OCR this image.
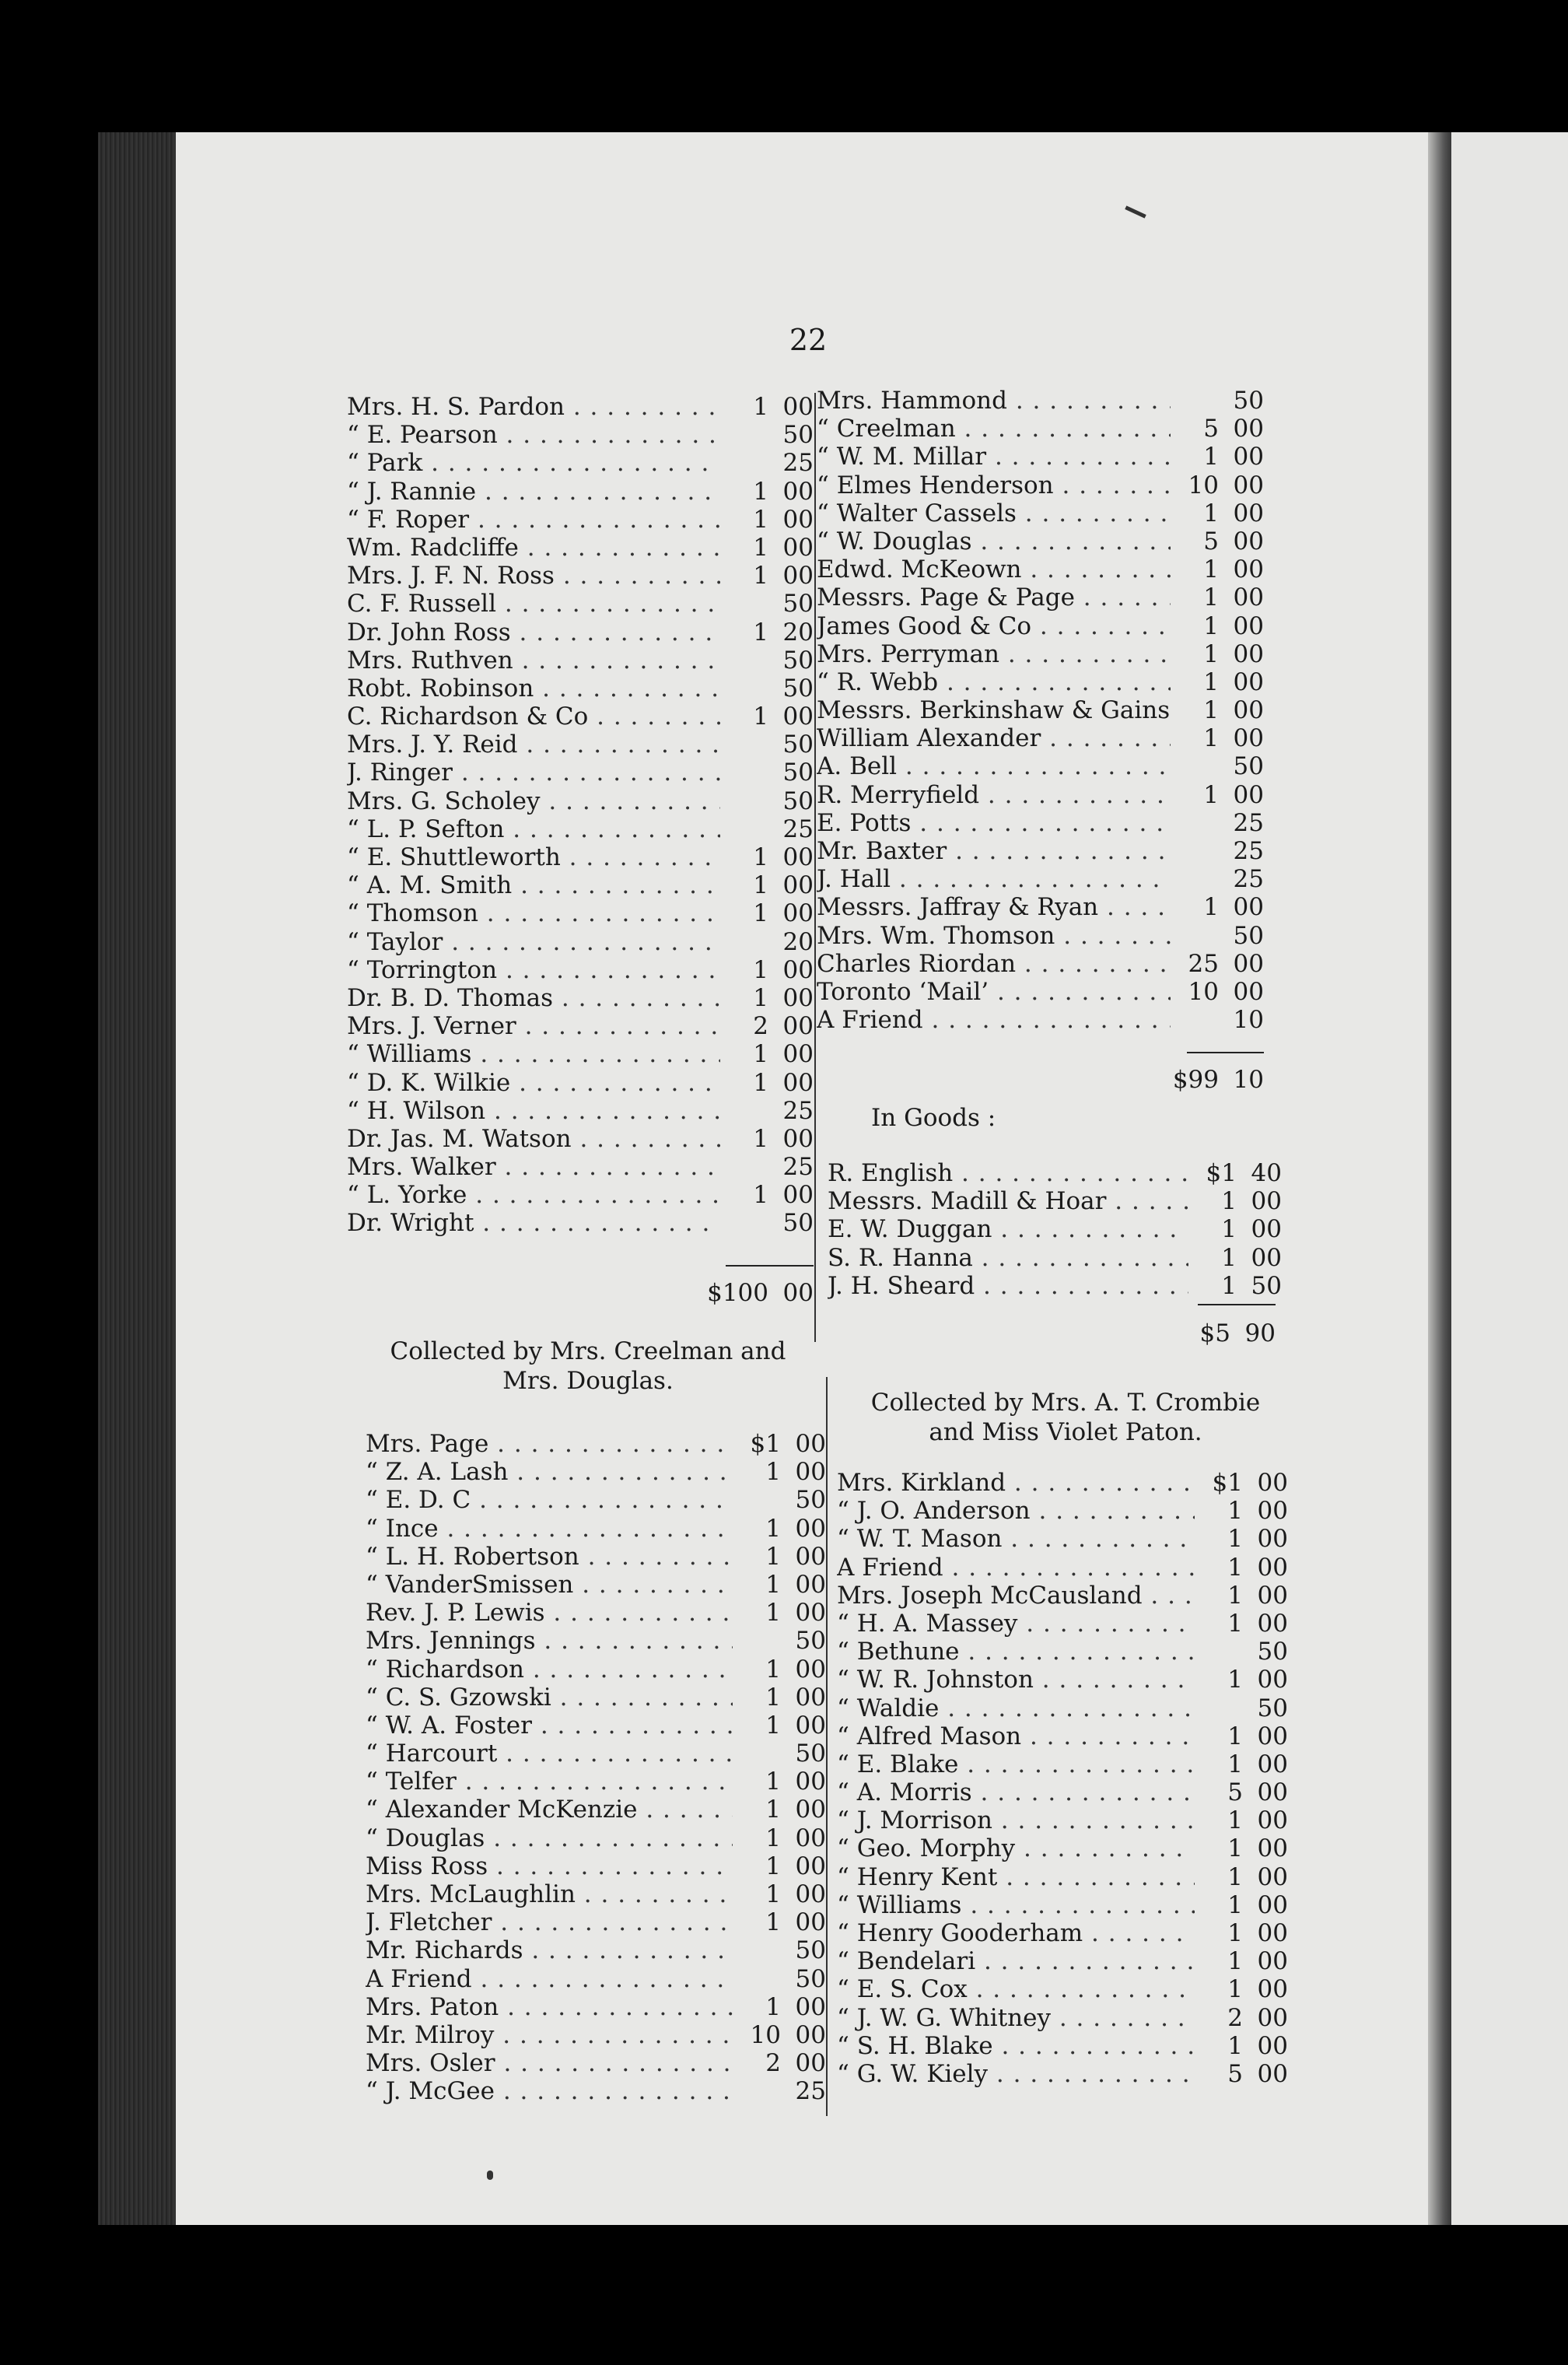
22
Mrs. H. S. Pardon . . .	1 00
“ E. Pearson . . .	50
“ Park . . .	25
“ J. Rannie . . .	1 00
“ F. Roper . . .	1 00
Wm. Radcliffe . . .	1 00
Mrs. J. F. N. Ross . . .	1 00
C. F. Russell . . .	50
Dr. John Ross . . .	1 20
Mrs. Ruthven . . .	50
Robt. Robinson . . .	50
C. Richardson & Co . . .	1 00
Mrs. J. Y. Reid . . .	50
J. Ringer . . .	50
Mrs. G. Scholey . . .	50
“ L. P. Sefton . . .	25
“ E. Shuttleworth . . .	1 00
“ A. M. Smith . . .	1 00
“ Thomson . . .	1 00
“ Taylor . . .	20
“ Torrington . . .	1 00
Dr. B. D. Thomas . . .	1 00
Mrs. J. Verner . . .	2 00
“ Williams . . .	1 00
“ D. K. Wilkie . . .	1 00
“ H. Wilson . . .	25
Dr. Jas. M. Watson . . .	1 00
Mrs. Walker . . .	25
“ L. Yorke . . .	1 00
Dr. Wright . . .	50
$100 00
Collected by Mrs. Creelman and
Mrs. Douglas.
Mrs. Page . . .	$1 00
“ Z. A. Lash . . .	1 00
“ E. D. C . . .	50
“ Ince . . .	1 00
“ L. H. Robertson . . .	1 00
“ VanderSmissen . . .	1 00
Rev. J. P. Lewis . . .	1 00
Mrs. Jennings . . .	50
“ Richardson . . .	1 00
“ C. S. Gzowski . . .	1 00
“ W. A. Foster . . .	1 00
“ Harcourt . . .	50
“ Telfer . . .	1 00
“ Alexander McKenzie . . .	1 00
“ Douglas . . .	1 00
Miss Ross . . .	1 00
Mrs. McLaughlin . . .	1 00
J. Fletcher . . .	1 00
Mr. Richards . . .	50
A Friend . . .	50
Mrs. Paton . . .	1 00
Mr. Milroy . . .	10 00
Mrs. Osler . . .	2 00
“ J. McGee . . .	25
Mrs. Hammond . . .	50
“ Creelman . . .	5 00
“ W. M. Millar . . .	1 00
“ Elmes Henderson . . .	10 00
“ Walter Cassels . . .	1 00
“ W. Douglas . . .	5 00
Edwd. McKeown . . .	1 00
Messrs. Page & Page . . .	1 00
James Good & Co . . .	1 00
Mrs. Perryman . . .	1 00
“ R. Webb . . .	1 00
Messrs. Berkinshaw & Gains . . .	1 00
William Alexander . . .	1 00
A. Bell . . .	50
R. Merryfield . . .	1 00
E. Potts . . .	25
Mr. Baxter . . .	25
J. Hall . . .	25
Messrs. Jaffray & Ryan . . .	1 00
Mrs. Wm. Thomson . . .	50
Charles Riordan . . .	25 00
Toronto ‘Mail’ . . .	10 00
A Friend . . .	10
$99 10
In Goods :
R. English . . .	$1 40
Messrs. Madill & Hoar . . .	1 00
E. W. Duggan . . .	1 00
S. R. Hanna . . .	1 00
J. H. Sheard . . .	1 50
$5 90
Collected by Mrs. A. T. Crombie
and Miss Violet Paton.
Mrs. Kirkland . . .	$1 00
“ J. O. Anderson . . .	1 00
“ W. T. Mason . . .	1 00
A Friend . . .	1 00
Mrs. Joseph McCausland . . .	1 00
“ H. A. Massey . . .	1 00
“ Bethune . . .	50
“ W. R. Johnston . . .	1 00
“ Waldie . . .	50
“ Alfred Mason . . .	1 00
“ E. Blake . . .	1 00
“ A. Morris . . .	5 00
“ J. Morrison . . .	1 00
“ Geo. Morphy . . .	1 00
“ Henry Kent . . .	1 00
“ Williams . . .	1 00
“ Henry Gooderham . . .	1 00
“ Bendelari . . .	1 00
“ E. S. Cox . . .	1 00
“ J. W. G. Whitney . . .	2 00
“ S. H. Blake . . .	1 00
“ G. W. Kiely . . .	5 00
